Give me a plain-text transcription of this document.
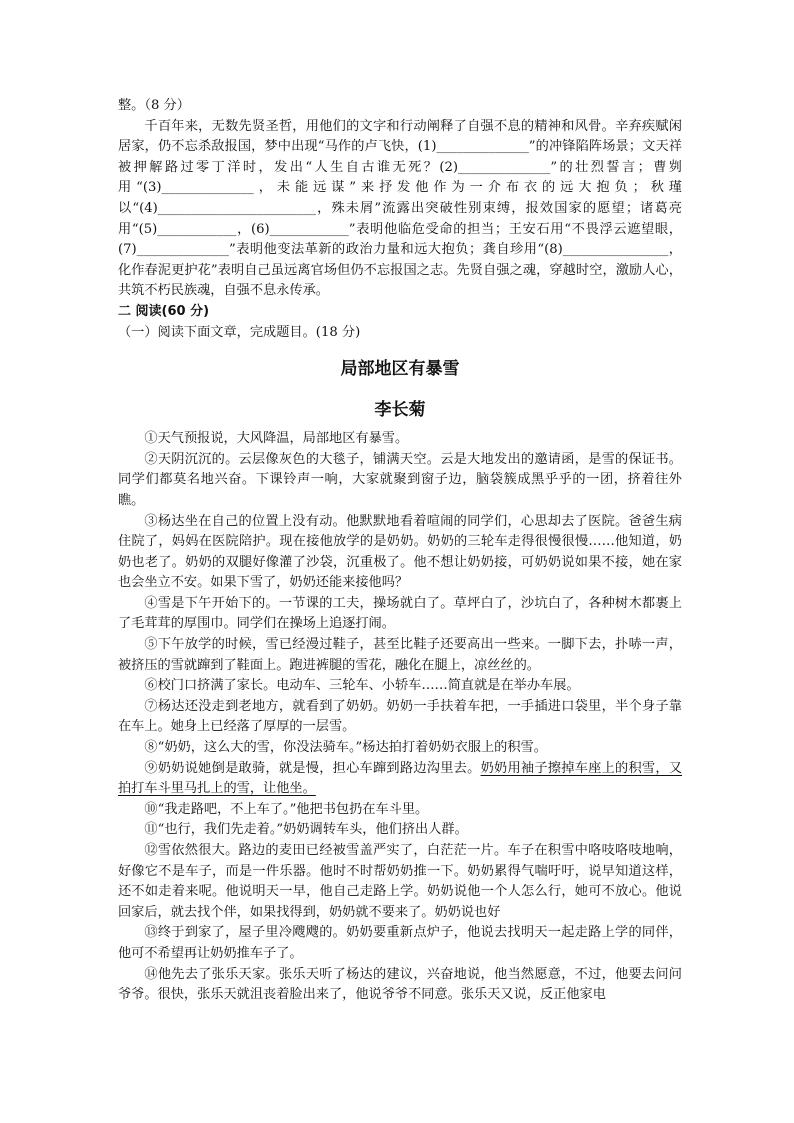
整。（8 分）

千百年来，无数先贤圣哲，用他们的文字和行动阐释了自强不息的精神和风骨。辛弃疾赋闲居家，仍不忘杀敌报国，梦中出现“马作的卢飞快，(1)______________”的冲锋陷阵场景；文天祥被押解路过零丁洋时，发出“人生自古谁无死？(2)______________”的壮烈誓言；曹刿用“(3)______________，未能远谋”来抒发他作为一介布衣的远大抱负；秋瑾以“(4)________________________，殊未屑”流露出突破性别束缚，报效国家的愿望；诸葛亮用“(5)____________，(6)____________”表明他临危受命的担当；王安石用“不畏浮云遮望眼，(7)______________”表明他变法革新的政治力量和远大抱负；龚自珍用“(8)________________，化作春泥更护花”表明自己虽远离官场但仍不忘报国之志。先贤自强之魂，穿越时空，激励人心，共筑不朽民族魂，自强不息永传承。

二 阅读(60 分)

（一）阅读下面文章，完成题目。(18 分)

局部地区有暴雪

李长菊

①天气预报说，大风降温，局部地区有暴雪。

②天阴沉沉的。云层像灰色的大毯子，铺满天空。云是大地发出的邀请函，是雪的保证书。同学们都莫名地兴奋。下课铃声一响，大家就聚到窗子边，脑袋簇成黑乎乎的一团，挤着往外瞧。

③杨达坐在自己的位置上没有动。他默默地看着喧闹的同学们，心思却去了医院。爸爸生病住院了，妈妈在医院陪护。现在接他放学的是奶奶。奶奶的三轮车走得很慢很慢……他知道，奶奶也老了。奶奶的双腿好像灌了沙袋，沉重极了。他不想让奶奶接，可奶奶说如果不接，她在家也会坐立不安。如果下雪了，奶奶还能来接他吗？

④雪是下午开始下的。一节课的工夫，操场就白了。草坪白了，沙坑白了，各种树木都裹上了毛茸茸的厚围巾。同学们在操场上追逐打闹。

⑤下午放学的时候，雪已经漫过鞋子，甚至比鞋子还要高出一些来。一脚下去，扑哧一声，被挤压的雪就蹿到了鞋面上。跑进裤腿的雪花，融化在腿上，凉丝丝的。

⑥校门口挤满了家长。电动车、三轮车、小轿车……简直就是在举办车展。

⑦杨达还没走到老地方，就看到了奶奶。奶奶一手扶着车把，一手插进口袋里，半个身子靠在车上。她身上已经落了厚厚的一层雪。

⑧“奶奶，这么大的雪，你没法骑车。”杨达拍打着奶奶衣服上的积雪。

⑨奶奶说她倒是敢骑，就是慢，担心车蹿到路边沟里去。奶奶用袖子擦掉车座上的积雪，又拍打车斗里马扎上的雪，让他坐。

⑩“我走路吧，不上车了。”他把书包扔在车斗里。

⑪“也行，我们先走着。”奶奶调转车头，他们挤出人群。

⑫雪依然很大。路边的麦田已经被雪盖严实了，白茫茫一片。车子在积雪中咯吱咯吱地响，好像它不是车子，而是一件乐器。他时不时帮奶奶推一下。奶奶累得气喘吁吁，说早知道这样，还不如走着来呢。他说明天一早，他自己走路上学。奶奶说他一个人怎么行，她可不放心。他说回家后，就去找个伴，如果找得到，奶奶就不要来了。奶奶说也好

⑬终于到家了，屋子里冷飕飕的。奶奶要重新点炉子，他说去找明天一起走路上学的同伴，他可不希望再让奶奶推车子了。

⑭他先去了张乐天家。张乐天听了杨达的建议，兴奋地说，他当然愿意，不过，他要去问问爷爷。很快，张乐天就沮丧着脸出来了，他说爷爷不同意。张乐天又说，反正他家电
